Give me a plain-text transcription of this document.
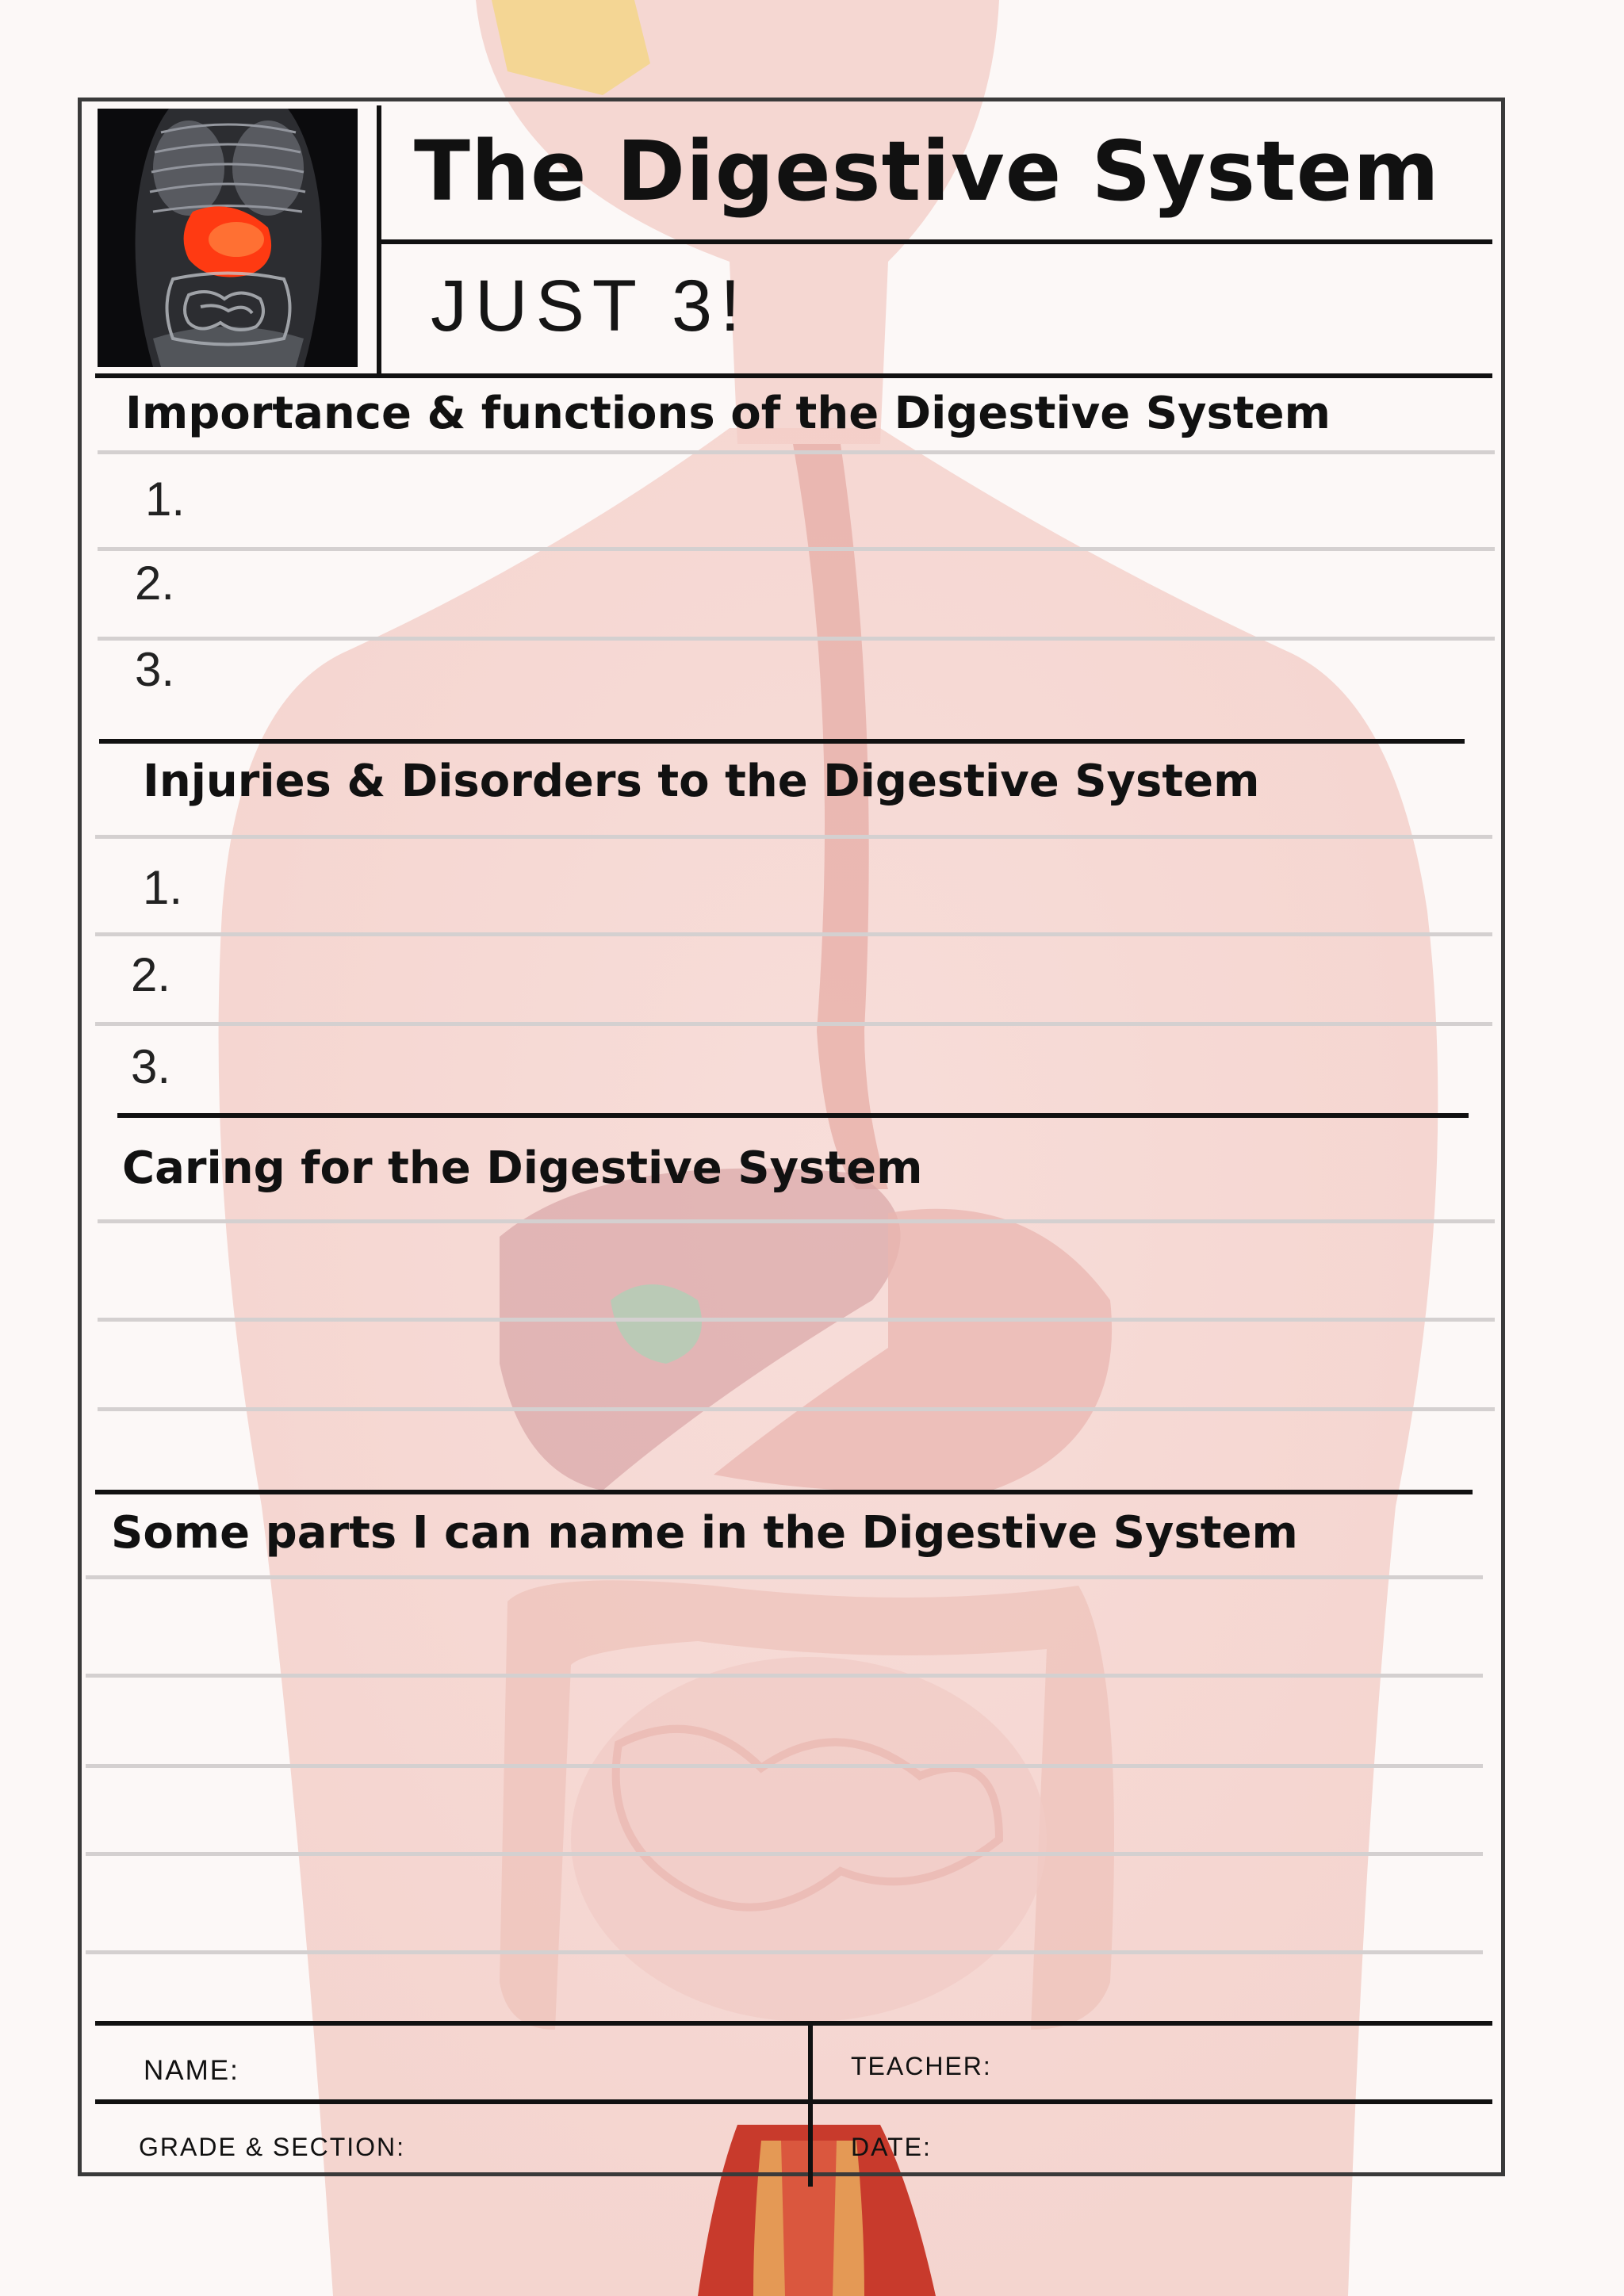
The Digestive System
JUST 3!
Importance & functions of the Digestive System
1.
2.
3.
Injuries & Disorders to the Digestive System
1.
2.
3.
Caring for the Digestive System
Some parts I can name in the Digestive System
NAME:	TEACHER:
GRADE & SECTION:	DATE:
